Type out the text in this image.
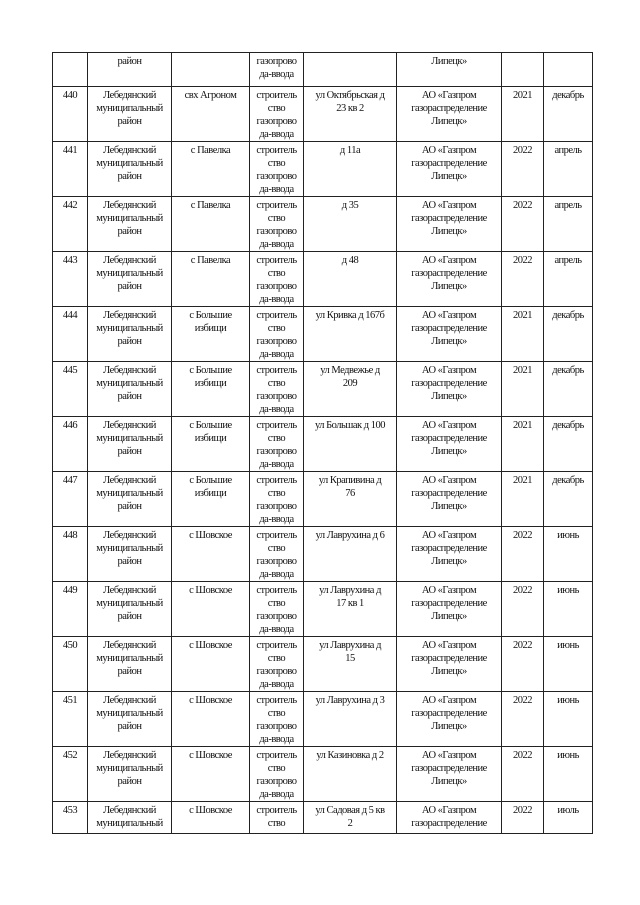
	район		газопрово
да-ввода		Липецк»		

440	Лебедянский
муниципальный
район	свх Агроном	строитель
ство
газопрово
да-ввода	ул Октябрьская д
23 кв 2	АО «Газпром
газораспределение
Липецк»	2021	декабрь

441	Лебедянский
муниципальный
район	с Павелка	строитель
ство
газопрово
да-ввода	д 11а	АО «Газпром
газораспределение
Липецк»	2022	апрель

442	Лебедянский
муниципальный
район	с Павелка	строитель
ство
газопрово
да-ввода	д 35	АО «Газпром
газораспределение
Липецк»	2022	апрель

443	Лебедянский
муниципальный
район	с Павелка	строитель
ство
газопрово
да-ввода	д 48	АО «Газпром
газораспределение
Липецк»	2022	апрель

444	Лебедянский
муниципальный
район	с Большие
избищи	строитель
ство
газопрово
да-ввода	ул Кривка д 167б	АО «Газпром
газораспределение
Липецк»	2021	декабрь

445	Лебедянский
муниципальный
район	с Большие
избищи	строитель
ство
газопрово
да-ввода	ул Медвежье д
209	АО «Газпром
газораспределение
Липецк»	2021	декабрь

446	Лебедянский
муниципальный
район	с Большие
избищи	строитель
ство
газопрово
да-ввода	ул Большак д 100	АО «Газпром
газораспределение
Липецк»	2021	декабрь

447	Лебедянский
муниципальный
район	с Большие
избищи	строитель
ство
газопрово
да-ввода	ул Крапивина д
76	АО «Газпром
газораспределение
Липецк»	2021	декабрь

448	Лебедянский
муниципальный
район	с Шовское	строитель
ство
газопрово
да-ввода	ул Лаврухина д 6	АО «Газпром
газораспределение
Липецк»	2022	июнь

449	Лебедянский
муниципальный
район	с Шовское	строитель
ство
газопрово
да-ввода	ул Лаврухина д
17 кв 1	АО «Газпром
газораспределение
Липецк»	2022	июнь

450	Лебедянский
муниципальный
район	с Шовское	строитель
ство
газопрово
да-ввода	ул Лаврухина д
15	АО «Газпром
газораспределение
Липецк»	2022	июнь

451	Лебедянский
муниципальный
район	с Шовское	строитель
ство
газопрово
да-ввода	ул Лаврухина д 3	АО «Газпром
газораспределение
Липецк»	2022	июнь

452	Лебедянский
муниципальный
район	с Шовское	строитель
ство
газопрово
да-ввода	ул Казиновка д 2	АО «Газпром
газораспределение
Липецк»	2022	июнь

453	Лебедянский
муниципальный	с Шовское	строитель
ство	ул Садовая д 5 кв
2	АО «Газпром
газораспределение	2022	июль
